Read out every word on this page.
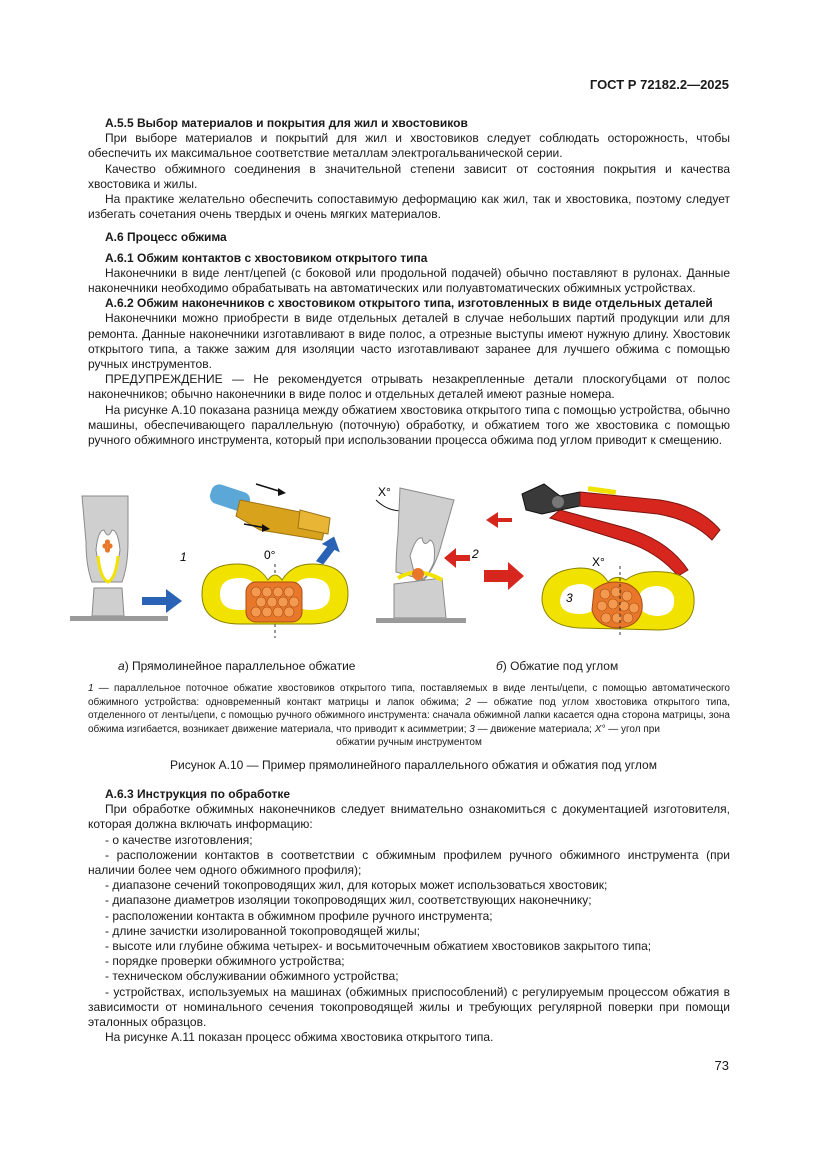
ГОСТ Р 72182.2—2025

А.5.5 Выбор материалов и покрытия для жил и хвостовиков

При выборе материалов и покрытий для жил и хвостовиков следует соблюдать осторожность, чтобы обеспечить их максимальное соответствие металлам электрогальванической серии.

Качество обжимного соединения в значительной степени зависит от состояния покрытия и качества хвостовика и жилы.

На практике желательно обеспечить сопоставимую деформацию как жил, так и хвостовика, поэтому следует избегать сочетания очень твердых и очень мягких материалов.

А.6 Процесс обжима

А.6.1 Обжим контактов с хвостовиком открытого типа

Наконечники в виде лент/цепей (с боковой или продольной подачей) обычно поставляют в рулонах. Данные наконечники необходимо обрабатывать на автоматических или полуавтоматических обжимных устройствах.

А.6.2 Обжим наконечников с хвостовиком открытого типа, изготовленных в виде отдельных деталей

Наконечники можно приобрести в виде отдельных деталей в случае небольших партий продукции или для ремонта. Данные наконечники изготавливают в виде полос, а отрезные выступы имеют нужную длину. Хвостовик открытого типа, а также зажим для изоляции часто изготавливают заранее для лучшего обжима с помощью ручных инструментов.

ПРЕДУПРЕЖДЕНИЕ — Не рекомендуется отрывать незакрепленные детали плоскогубцами от полос наконечников; обычно наконечники в виде полос и отдельных деталей имеют разные номера.

На рисунке А.10 показана разница между обжатием хвостовика открытого типа с помощью устройства, обычно машины, обеспечивающего параллельную (поточную) обработку, и обжатием того же хвостовика с помощью ручного обжимного инструмента, который при использовании процесса обжима под углом приводит к смещению.

1	0°
X°
2
X°
3
а) Прямолинейное параллельное обжатие	б) Обжатие под углом
1 — параллельное поточное обжатие хвостовиков открытого типа, поставляемых в виде ленты/цепи, с помощью автоматического обжимного устройства: одновременный контакт матрицы и лапок обжима; 2 — обжатие под углом хвостовика открытого типа, отделенного от ленты/цепи, с помощью ручного обжимного инструмента: сначала обжимной лапки касается одна сторона матрицы, зона обжима изгибается, возникает движение материала, что приводит к асимметрии; 3 — движение материала; X° — угол при
обжатии ручным инструментом
Рисунок А.10 — Пример прямолинейного параллельного обжатия и обжатия под углом

А.6.3 Инструкция по обработке

При обработке обжимных наконечников следует внимательно ознакомиться с документацией изготовителя, которая должна включать информацию:

- о качестве изготовления;

- расположении контактов в соответствии с обжимным профилем ручного обжимного инструмента (при наличии более чем одного обжимного профиля);

- диапазоне сечений токопроводящих жил, для которых может использоваться хвостовик;

- диапазоне диаметров изоляции токопроводящих жил, соответствующих наконечнику;

- расположении контакта в обжимном профиле ручного инструмента;

- длине зачистки изолированной токопроводящей жилы;

- высоте или глубине обжима четырех- и восьмиточечным обжатием хвостовиков закрытого типа;

- порядке проверки обжимного устройства;

- техническом обслуживании обжимного устройства;

- устройствах, используемых на машинах (обжимных приспособлений) с регулируемым процессом обжатия в зависимости от номинального сечения токопроводящей жилы и требующих регулярной поверки при помощи эталонных образцов.

На рисунке А.11 показан процесс обжима хвостовика открытого типа.

73
